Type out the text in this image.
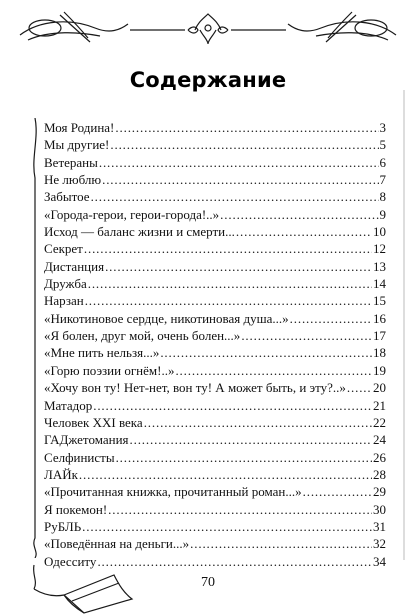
Содержание
Моя Родина! . . .	3
Мы другие! . . .	5
Ветераны . . .	6
Не люблю . . .	7
Забытое . . .	8
«Города-герои, герои-города!..» . . .	9
Исход — баланс жизни и смерти... . . .	10
Секрет . . .	12
Дистанция . . .	13
Дружба . . .	14
Нарзан . . .	15
«Никотиновое сердце, никотиновая душа...» . . .	16
«Я болен, друг мой, очень болен...» . . .	17
«Мне пить нельзя...» . . .	18
«Горю поэзии огнём!..» . . .	19
«Хочу вон ту! Нет-нет, вон ту! А может быть, и эту?..» . . . 20
Матадор . . .	21
Человек XXI века . . .	22
ГАДжетомания . . .	24
Селфинисты . . .	26
ЛАЙк . . .	28
«Прочитанная книжка, прочитанный роман...» . . .	29
Я покемон! . . .	30
РуБЛЬ . . .	31
«Поведённая на деньги...» . . .	32
Одесситу . . .	34
70
